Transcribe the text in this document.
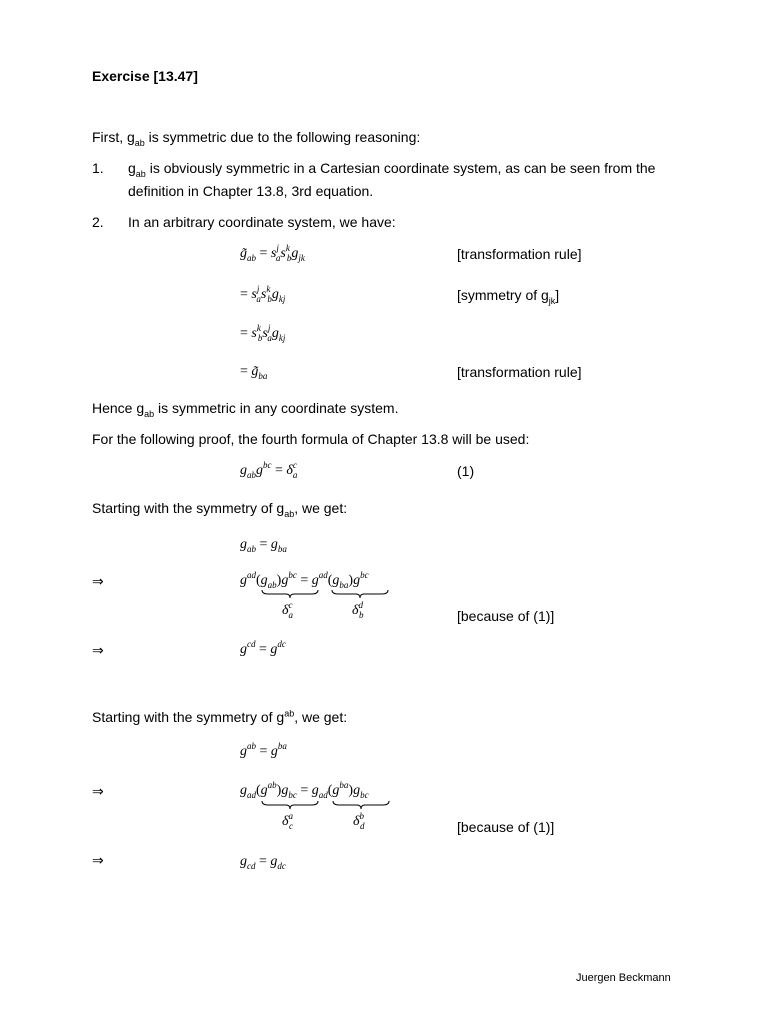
Exercise [13.47]
First, $g_{ab}$ is symmetric due to the following reasoning:
1. $g_{ab}$ is obviously symmetric in a Cartesian coordinate system, as can be seen from the
definition in Chapter 13.8, 3rd equation.
2. In an arbitrary coordinate system, we have:
$g̃_{ab} = s^j_as^k_bg_{jk}$	[transformation rule]
= $s^j_as^k_bg_{kj}$	[symmetry of $g_{jk}$]
= $s^k_bs^j_ag_{kj}$
= $g̃_{ba}$	[transformation rule]
Hence $g_{ab}$ is symmetric in any coordinate system.
For the following proof, the fourth formula of Chapter 13.8 will be used:
$g_{ab}g^{bc} = \delta^c_a$	(1)
Starting with the symmetry of $g_{ab}$, we get:
$g_{ab} = g_{ba}$
⇒	$g^{ad}(g_{ab})g^{bc} = g^{ad}(g_{ba})g^{bc}$
$\delta^c_a$	$\delta^d_b$	[because of (1)]
⇒	$g^{cd} = g^{dc}$
Starting with the symmetry of $g^{ab}$, we get:
$g^{ab} = g^{ba}$
⇒	$g_{ad}(g^{ab})g_{bc} = g_{ad}(g^{ba})g_{bc}$
$\delta^a_c$	$\delta^b_d$	[because of (1)]
⇒	$g_{cd} = g_{dc}$
Juergen Beckmann
